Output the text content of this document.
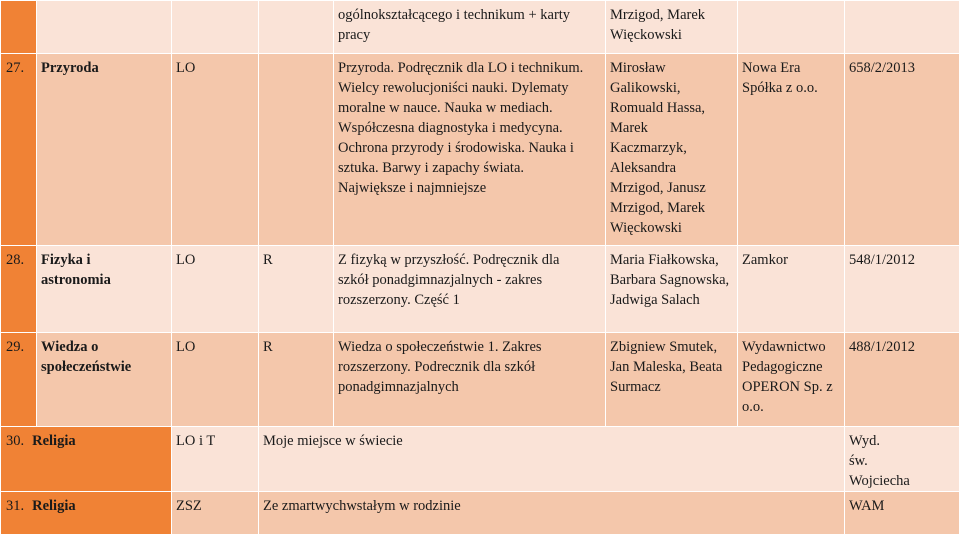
				ogólnokształcącego i technikum + karty pracy	Mrzigod, Marek Więckowski		
27.	Przyroda	LO		Przyroda. Podręcznik dla LO i technikum. Wielcy rewolucjoniści nauki. Dylematy moralne w nauce. Nauka w mediach. Współczesna diagnostyka i medycyna. Ochrona przyrody i środowiska. Nauka i sztuka. Barwy i zapachy świata. Największe i najmniejsze	Mirosław Galikowski, Romuald Hassa, Marek Kaczmarzyk, Aleksandra Mrzigod, Janusz Mrzigod, Marek Więckowski	Nowa Era Spółka z o.o.	658/2/2013
28.	Fizyka i astronomia	LO	R	Z fizyką w przyszłość. Podręcznik dla szkół ponadgimnazjalnych - zakres rozszerzony. Część 1	Maria Fiałkowska, Barbara Sagnowska, Jadwiga Salach	Zamkor	548/1/2012
29.	Wiedza o społeczeństwie	LO	R	Wiedza o społeczeństwie 1. Zakres rozszerzony. Podrecznik dla szkół ponadgimnazjalnych	Zbigniew Smutek, Jan Maleska, Beata Surmacz	Wydawnictwo Pedagogiczne OPERON Sp. z o.o.	488/1/2012
30. Religia		LO i T	Moje miejsce w świecie				Wyd. św. Wojciecha
31. Religia		ZSZ	Ze zmartwychwstałym w rodzinie				WAM
